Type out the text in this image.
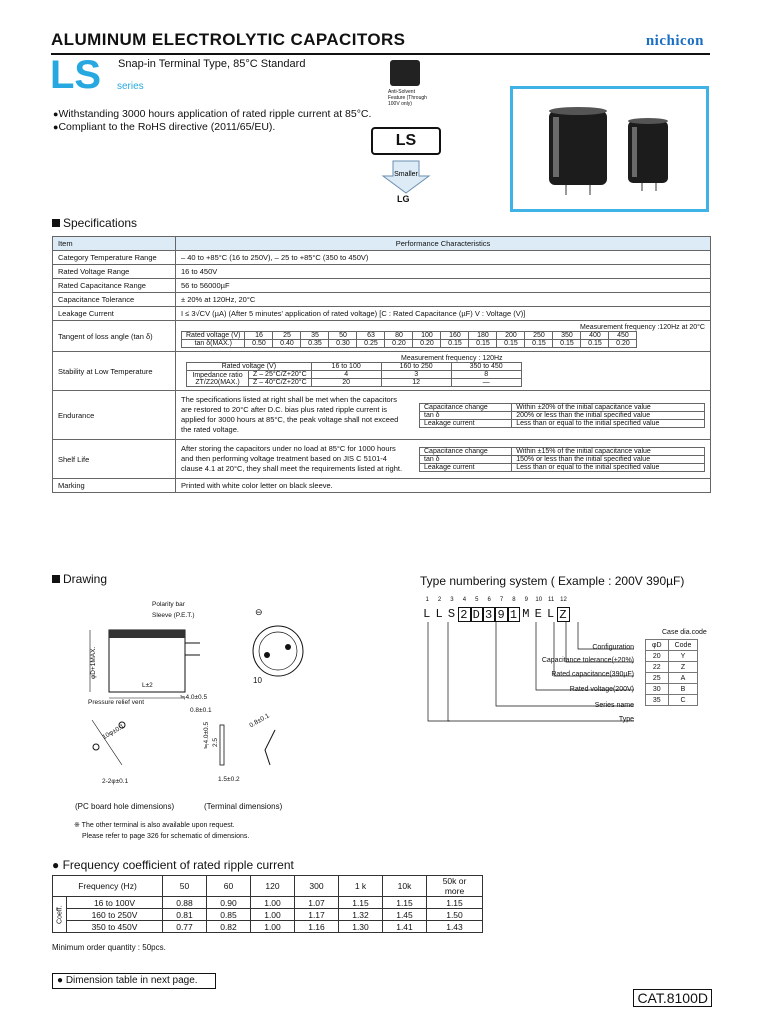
ALUMINUM ELECTROLYTIC CAPACITORS	nichicon
LS Snap-in Terminal Type, 85°C Standard
series
● Withstanding 3000 hours application of rated ripple current at 85°C.
● Compliant to the RoHS directive (2011/65/EU).
Anti-Solvent Feature (Through 100V only)
LS
Smaller
LG
Specifications
Item	Performance Characteristics
Category Temperature Range	– 40 to +85°C (16 to 250V), – 25 to +85°C (350 to 450V)
Rated Voltage Range	16 to 450V
Rated Capacitance Range	56 to 56000µF
Capacitance Tolerance	± 20% at 120Hz, 20°C
Leakage Current	I ≤ 3√CV (µA) (After 5 minutes' application of rated voltage) [C : Rated Capacitance (µF) V : Voltage (V)]
Tangent of loss angle (tan δ)	
Measurement frequency :120Hz at 20°C
Rated voltage (V)	16	25	35	50	63	80	100	160	180	200	250	350	400	450
tan δ(MAX.)	0.50	0.40	0.35	0.30	0.25	0.20	0.20	0.15	0.15	0.15	0.15	0.15	0.15	0.20

Stability at Low Temperature	
Measurement frequency : 120Hz
Rated voltage (V)	16 to 100	160 to 250	350 to 450
Impedance ratio ZT/Z20(MAX.)	Z – 25°C/Z+20°C	4	3	8
Z – 40°C/Z+20°C	20	12	—

Endurance	
The specifications listed at right shall be met when the capacitors are restored to 20°C after D.C. bias plus rated ripple current is applied for 3000 hours at 85°C, the peak voltage shall not exceed the rated voltage.
Capacitance change	Within ±20% of the initial capacitance value
tan δ	200% or less than the initial specified value
Leakage current	Less than or equal to the initial specified value

Shelf Life	
After storing the capacitors under no load at 85°C for 1000 hours and then performing voltage treatment based on JIS C 5101-4 clause 4.1 at 20°C, they shall meet the requirements listed at right.
Capacitance change	Within ±15% of the initial capacitance value
tan δ	150% or less than the initial specified value
Leakage current	Less than or equal to the initial specified value

Marking	Printed with white color letter on black sleeve.
Drawing
Polarity bar
Sleeve (P.E.T.)
Pressure relief vent
L±2
φD+1MAX.
≒4.0±0.5
⊖
10
0.8±0.1
≒4.0±0.5 2.5
1.5±0.2
0.8±0.1
10φ±0.1
2-2φ±0.1
(PC board hole dimensions)	(Terminal dimensions)
※ The other terminal is also available upon request.
Please refer to page 326 for schematic of dimensions.
Type numbering system ( Example : 200V 390µF)
1	2	3	4	5	6	7	8	9	10 11 12
L L S 2 D 3 9 1 M E L Z
Configuration
Capacitance tolerance(±20%)
Rated capacitance(390µF)
Rated voltage(200V)
Series name
Type
Case dia.code
φD	Code
20	Y
22	Z
25	A
30	B
35	C
● Frequency coefficient of rated ripple current
Frequency (Hz)		50	60	120	300	1 k	10k	50k or more
Coeff.	16 to 100V	0.88	0.90	1.00	1.07	1.15	1.15	1.15
	160 to 250V	0.81	0.85	1.00	1.17	1.32	1.45	1.50
	350 to 450V	0.77	0.82	1.00	1.16	1.30	1.41	1.43
Minimum order quantity : 50pcs.
● Dimension table in next page.
CAT.8100D
